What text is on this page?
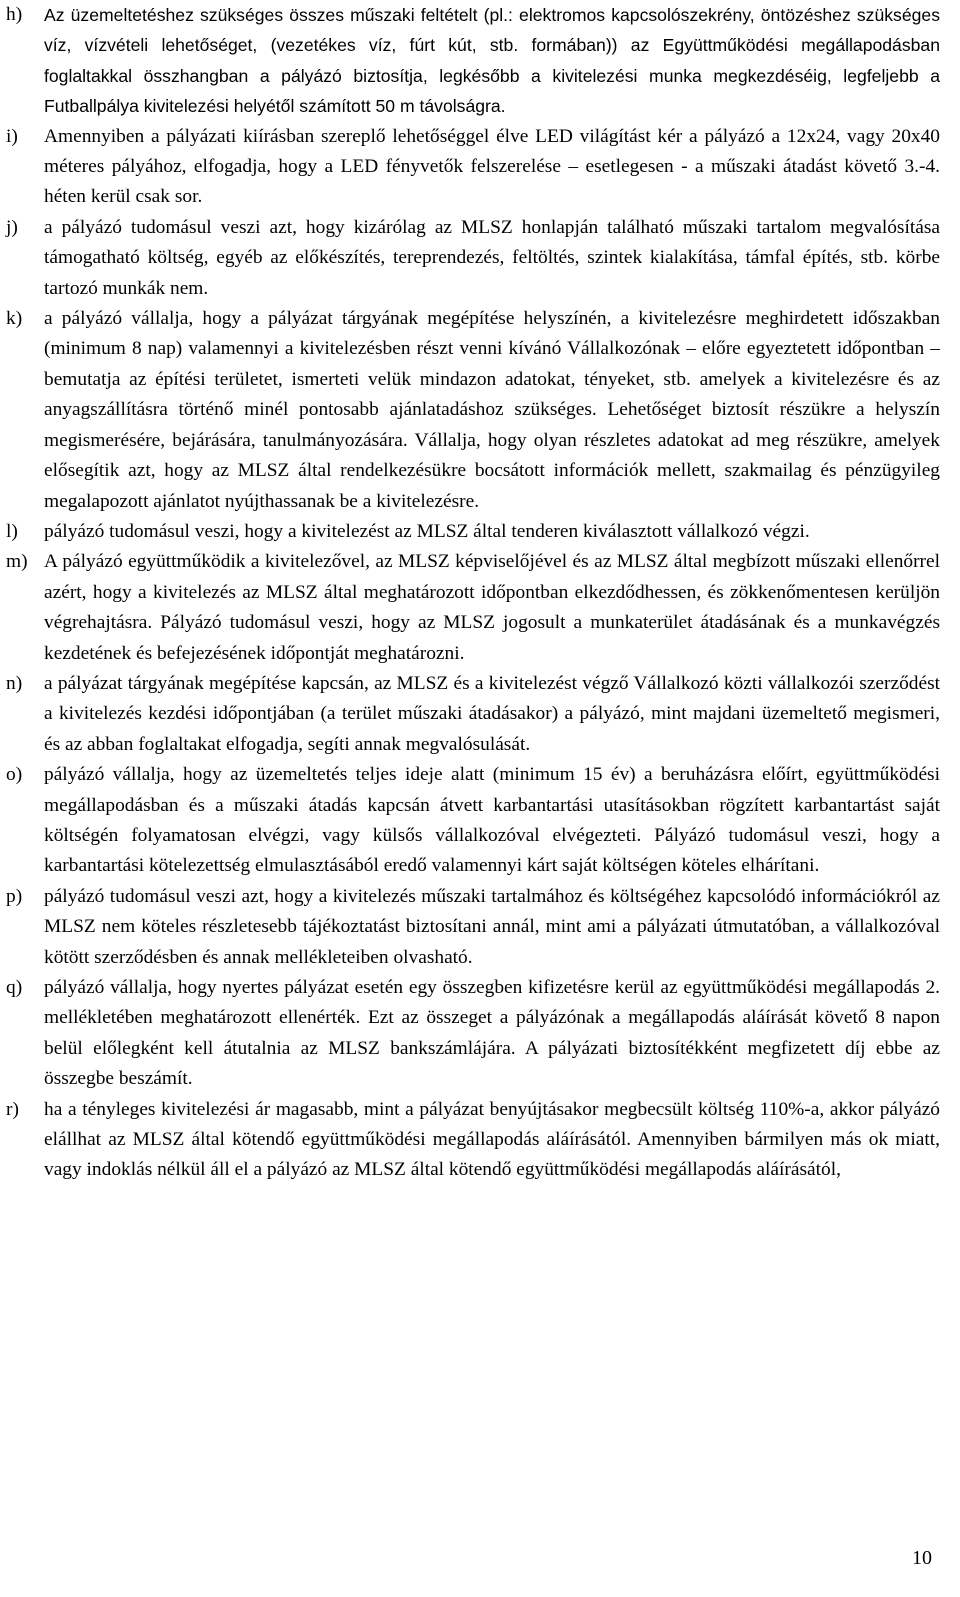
h)	Az üzemeltetéshez szükséges összes műszaki feltételt (pl.: elektromos kapcsolószekrény, öntözéshez szükséges víz, vízvételi lehetőséget, (vezetékes víz, fúrt kút, stb. formában)) az Együttműködési megállapodásban foglaltakkal összhangban a pályázó biztosítja, legkésőbb a kivitelezési munka megkezdéséig, legfeljebb a Futballpálya kivitelezési helyétől számított 50 m távolságra.
i)	Amennyiben a pályázati kiírásban szereplő lehetőséggel élve LED világítást kér a pályázó a 12x24, vagy 20x40 méteres pályához, elfogadja, hogy a LED fényvetők felszerelése – esetlegesen - a műszaki átadást követő 3.-4. héten kerül csak sor.
j)	a pályázó tudomásul veszi azt, hogy kizárólag az MLSZ honlapján található műszaki tartalom megvalósítása támogatható költség, egyéb az előkészítés, tereprendezés, feltöltés, szintek kialakítása, támfal építés, stb. körbe tartozó munkák nem.
k)	a pályázó vállalja, hogy a pályázat tárgyának megépítése helyszínén, a kivitelezésre meghirdetett időszakban (minimum 8 nap) valamennyi a kivitelezésben részt venni kívánó Vállalkozónak – előre egyeztetett időpontban – bemutatja az építési területet, ismerteti velük mindazon adatokat, tényeket, stb. amelyek a kivitelezésre és az anyagszállításra történő minél pontosabb ajánlatadáshoz szükséges. Lehetőséget biztosít részükre a helyszín megismerésére, bejárására, tanulmányozására. Vállalja, hogy olyan részletes adatokat ad meg részükre, amelyek elősegítik azt, hogy az MLSZ által rendelkezésükre bocsátott információk mellett, szakmailag és pénzügyileg megalapozott ajánlatot nyújthassanak be a kivitelezésre.
l)	pályázó tudomásul veszi, hogy a kivitelezést az MLSZ által tenderen kiválasztott vállalkozó végzi.
m) A pályázó együttműködik a kivitelezővel, az MLSZ képviselőjével és az MLSZ által megbízott műszaki ellenőrrel azért, hogy a kivitelezés az MLSZ által meghatározott időpontban elkezdődhessen, és zökkenőmentesen kerüljön végrehajtásra. Pályázó tudomásul veszi, hogy az MLSZ jogosult a munkaterület átadásának és a munkavégzés kezdetének és befejezésének időpontját meghatározni.
n)	a pályázat tárgyának megépítése kapcsán, az MLSZ és a kivitelezést végző Vállalkozó közti vállalkozói szerződést a kivitelezés kezdési időpontjában (a terület műszaki átadásakor) a pályázó, mint majdani üzemeltető megismeri, és az abban foglaltakat elfogadja, segíti annak megvalósulását.
o)	pályázó vállalja, hogy az üzemeltetés teljes ideje alatt (minimum 15 év) a beruházásra előírt, együttműködési megállapodásban és a műszaki átadás kapcsán átvett karbantartási utasításokban rögzített karbantartást saját költségén folyamatosan elvégzi, vagy külsős vállalkozóval elvégezteti. Pályázó tudomásul veszi, hogy a karbantartási kötelezettség elmulasztásából eredő valamennyi kárt saját költségen köteles elhárítani.
p)	pályázó tudomásul veszi azt, hogy a kivitelezés műszaki tartalmához és költségéhez kapcsolódó információkról az MLSZ nem köteles részletesebb tájékoztatást biztosítani annál, mint ami a pályázati útmutatóban, a vállalkozóval kötött szerződésben és annak mellékleteiben olvasható.
q)	pályázó vállalja, hogy nyertes pályázat esetén egy összegben kifizetésre kerül az együttműködési megállapodás 2. mellékletében meghatározott ellenérték. Ezt az összeget a pályázónak a megállapodás aláírását követő 8 napon belül előlegként kell átutalnia az MLSZ bankszámlájára. A pályázati biztosítékként megfizetett díj ebbe az összegbe beszámít.
r)	ha a tényleges kivitelezési ár magasabb, mint a pályázat benyújtásakor megbecsült költség 110%-a, akkor pályázó elállhat az MLSZ által kötendő együttműködési megállapodás aláírásától. Amennyiben bármilyen más ok miatt, vagy indoklás nélkül áll el a pályázó az MLSZ által kötendő együttműködési megállapodás aláírásától,
10
